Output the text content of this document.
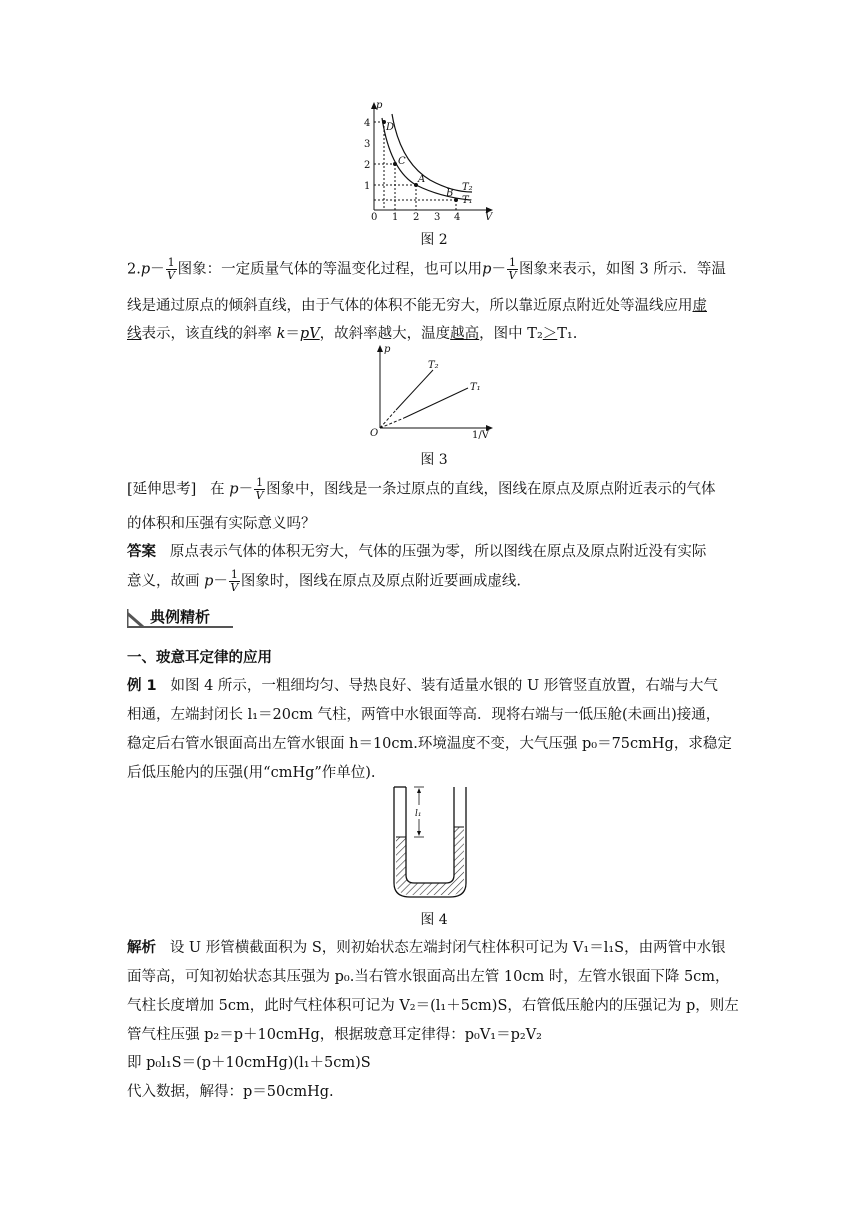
p
V
4
3
2
1
0 1 2 3 4
D
C
A
B
T₂
T₁
图 2
$2.p- \frac{1}{V}$ 图象：一定质量气体的等温变化过程，也可以用$p- \frac{1}{V}$ 图象来表示，如图 3 所示．等温
线是通过原点的倾斜直线，由于气体的体积不能无穷大，所以靠近原点附近处等温线应用虚
线表示，该直线的斜率 k＝pV，故斜率越大，温度越高，图中 T₂＞T₁.
p
O	1/V
T₂
T₁
图 3
[延伸思考] 在 $p- \frac{1}{V}$ 图象中，图线是一条过原点的直线，图线在原点及原点附近表示的气体
的体积和压强有实际意义吗？
答案 原点表示气体的体积无穷大，气体的压强为零，所以图线在原点及原点附近没有实际
意义，故画 $p- \frac{1}{V}$ 图象时，图线在原点及原点附近要画成虚线.
典例精析
一、玻意耳定律的应用
例 1 如图 4 所示，一粗细均匀、导热良好、装有适量水银的 U 形管竖直放置，右端与大气
相通，左端封闭长 l₁＝20cm 气柱，两管中水银面等高．现将右端与一低压舱(未画出)接通，
稳定后右管水银面高出左管水银面 h＝10cm.环境温度不变，大气压强 p₀＝75cmHg，求稳定
后低压舱内的压强(用“cmHg”作单位).
l₁
图 4
解析 设 U 形管横截面积为 S，则初始状态左端封闭气柱体积可记为 V₁＝l₁S，由两管中水银
面等高，可知初始状态其压强为 p₀.当右管水银面高出左管 10cm 时，左管水银面下降 5cm，
气柱长度增加 5cm，此时气柱体积可记为 V₂＝(l₁＋5cm)S，右管低压舱内的压强记为 p，则左
管气柱压强 p₂＝p＋10cmHg，根据玻意耳定律得：p₀V₁＝p₂V₂
即 p₀l₁S＝(p＋10cmHg)(l₁＋5cm)S
代入数据，解得：p＝50cmHg.
